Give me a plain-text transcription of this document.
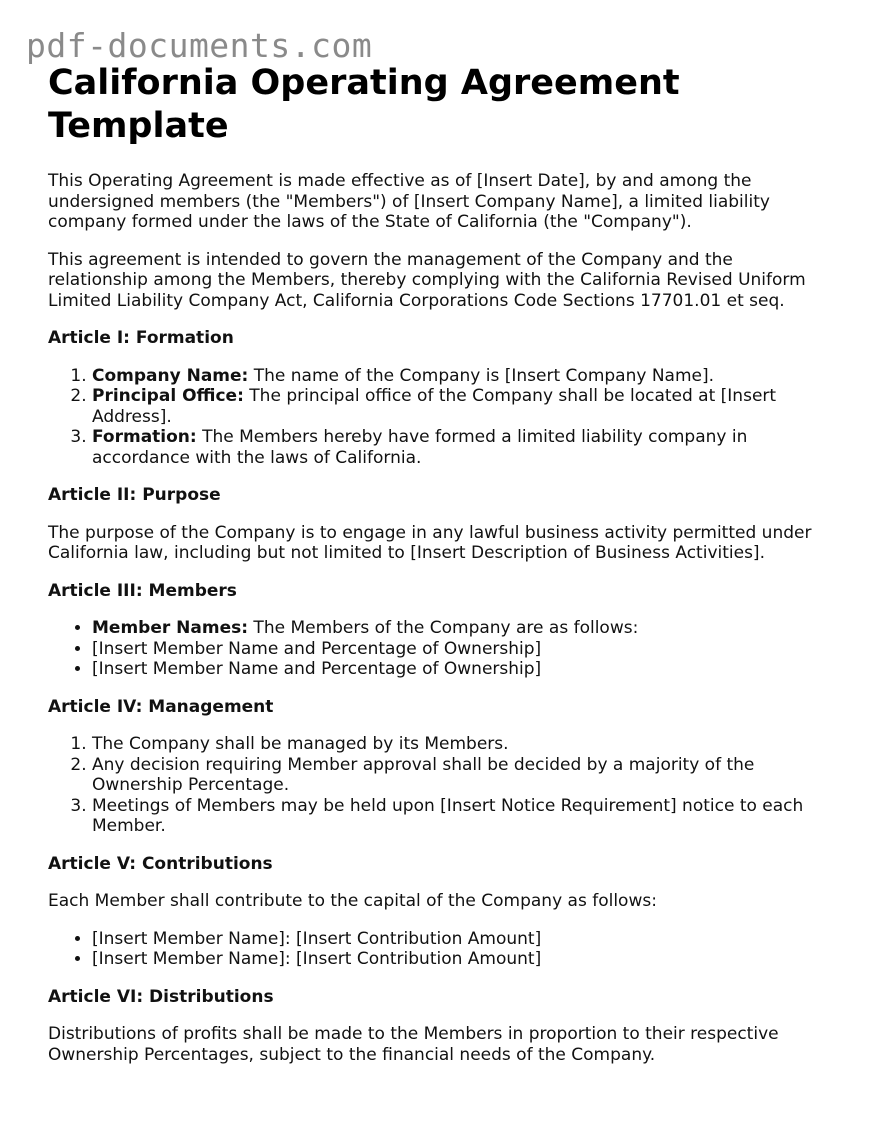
pdf-documents.com
California Operating Agreement Template

This Operating Agreement is made effective as of [Insert Date], by and among the undersigned members (the "Members") of [Insert Company Name], a limited liability company formed under the laws of the State of California (the "Company").

This agreement is intended to govern the management of the Company and the relationship among the Members, thereby complying with the California Revised Uniform Limited Liability Company Act, California Corporations Code Sections 17701.01 et seq.

Article I: Formation
1. Company Name: The name of the Company is [Insert Company Name].
2. Principal Office: The principal office of the Company shall be located at [Insert Address].
3. Formation: The Members hereby have formed a limited liability company in accordance with the laws of California.
Article II: Purpose

The purpose of the Company is to engage in any lawful business activity permitted under California law, including but not limited to [Insert Description of Business Activities].

Article III: Members
• Member Names: The Members of the Company are as follows:
• [Insert Member Name and Percentage of Ownership]
• [Insert Member Name and Percentage of Ownership]
Article IV: Management
1. The Company shall be managed by its Members.
2. Any decision requiring Member approval shall be decided by a majority of the Ownership Percentage.
3. Meetings of Members may be held upon [Insert Notice Requirement] notice to each Member.
Article V: Contributions

Each Member shall contribute to the capital of the Company as follows:

• [Insert Member Name]: [Insert Contribution Amount]
• [Insert Member Name]: [Insert Contribution Amount]
Article VI: Distributions

Distributions of profits shall be made to the Members in proportion to their respective Ownership Percentages, subject to the financial needs of the Company.
